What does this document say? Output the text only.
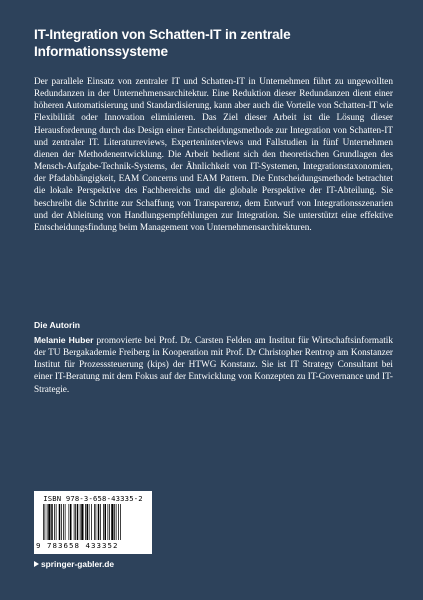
IT-Integration von Schatten-IT in zentrale Informationssysteme

Der parallele Einsatz von zentraler IT und Schatten-IT in Unternehmen führt zu ungewollten Redundanzen in der Unternehmensarchitektur. Eine Reduktion dieser Redundanzen dient einer höheren Automatisierung und Standardisierung, kann aber auch die Vorteile von Schatten-IT wie Flexibilität oder Innovation eliminieren. Das Ziel dieser Arbeit ist die Lösung dieser Herausforderung durch das Design einer Entscheidungsmethode zur Integration von Schatten-IT und zentraler IT. Literaturreviews, Experteninterviews und Fallstudien in fünf Unternehmen dienen der Methodenentwicklung. Die Arbeit bedient sich den theoretischen Grundlagen des Mensch-Aufgabe-Technik-Systems, der Ähnlichkeit von IT-Systemen, Integrationstaxonomien, der Pfadabhängigkeit, EAM Concerns und EAM Pattern. Die Entscheidungsmethode betrachtet die lokale Perspektive des Fachbereichs und die globale Perspektive der IT-Abteilung. Sie beschreibt die Schritte zur Schaffung von Transparenz, dem Entwurf von Integrationsszenarien und der Ableitung von Handlungsempfehlungen zur Integration. Sie unterstützt eine effektive Entscheidungsfindung beim Management von Unternehmensarchitekturen.

Die Autorin

Melanie Huber promovierte bei Prof. Dr. Carsten Felden am Institut für Wirtschaftsinformatik der TU Bergakademie Freiberg in Kooperation mit Prof. Dr Christopher Rentrop am Konstanzer Institut für Prozesssteuerung (kips) der HTWG Konstanz. Sie ist IT Strategy Consultant bei einer IT-Beratung mit dem Fokus auf der Entwicklung von Konzepten zu IT-Governance und IT-Strategie.

ISBN 978-3-658-43335-2
9 783658 433352
springer-gabler.de
